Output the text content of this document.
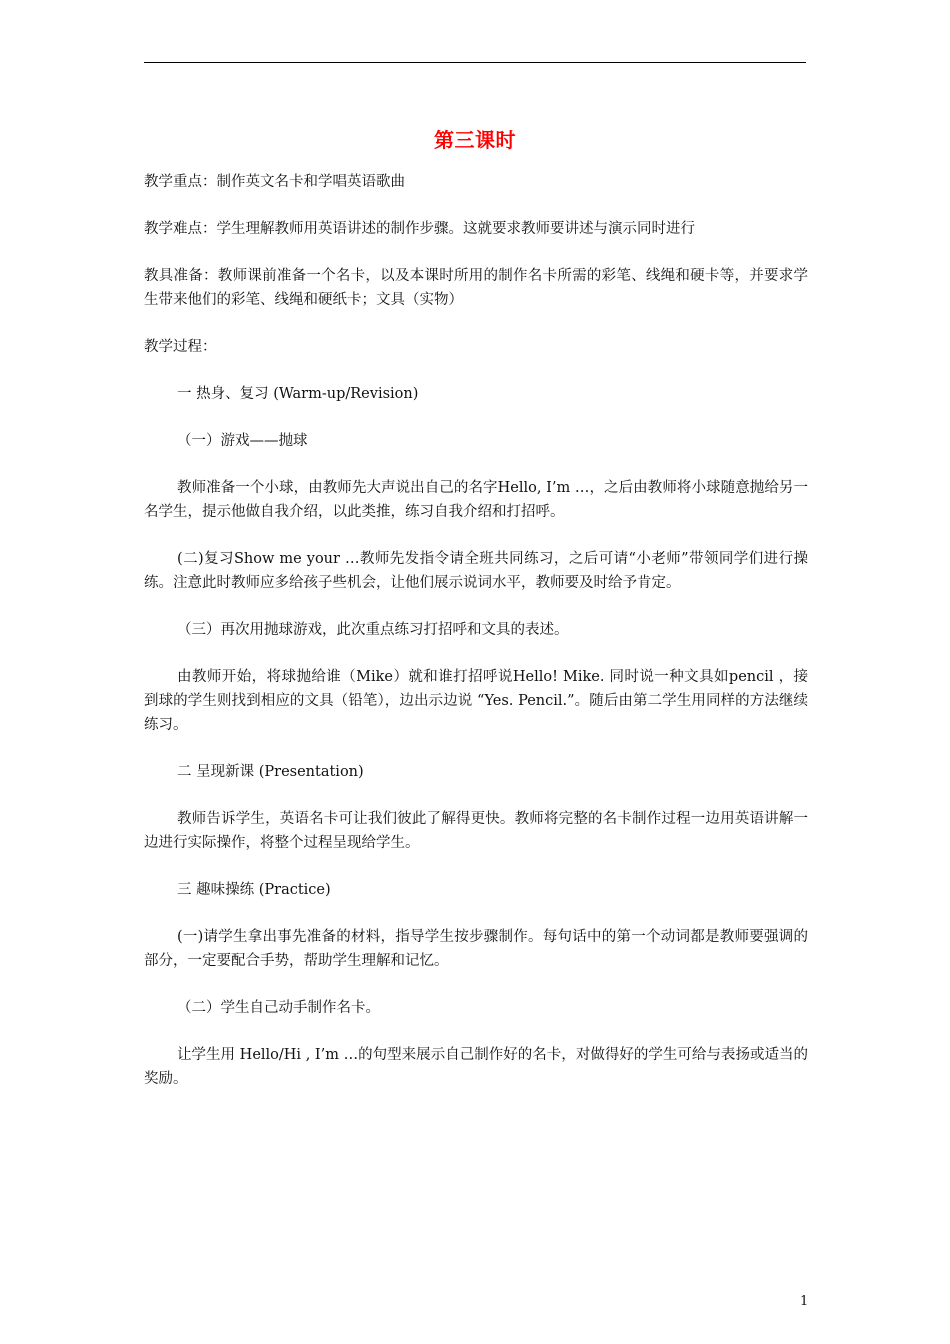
第三课时

教学重点：制作英文名卡和学唱英语歌曲

教学难点：学生理解教师用英语讲述的制作步骤。这就要求教师要讲述与演示同时进行

教具准备：教师课前准备一个名卡，以及本课时所用的制作名卡所需的彩笔、线绳和硬卡等，并要求学生带来他们的彩笔、线绳和硬纸卡；文具（实物）

教学过程：

一 热身、复习 (Warm-up/Revision)

（一）游戏——抛球

教师准备一个小球，由教师先大声说出自己的名字Hello, I’m …，之后由教师将小球随意抛给另一名学生，提示他做自我介绍，以此类推，练习自我介绍和打招呼。

(二)复习Show me your …教师先发指令请全班共同练习，之后可请“小老师”带领同学们进行操练。注意此时教师应多给孩子些机会，让他们展示说词水平，教师要及时给予肯定。

（三）再次用抛球游戏，此次重点练习打招呼和文具的表述。

由教师开始，将球抛给谁（Mike）就和谁打招呼说Hello! Mike. 同时说一种文具如pencil ，接到球的学生则找到相应的文具（铅笔），边出示边说 “Yes. Pencil.”。随后由第二学生用同样的方法继续练习。

二 呈现新课 (Presentation)

教师告诉学生，英语名卡可让我们彼此了解得更快。教师将完整的名卡制作过程一边用英语讲解一边进行实际操作，将整个过程呈现给学生。

三 趣味操练 (Practice)

(一)请学生拿出事先准备的材料，指导学生按步骤制作。每句话中的第一个动词都是教师要强调的部分，一定要配合手势，帮助学生理解和记忆。

（二）学生自己动手制作名卡。

让学生用 Hello/Hi , I’m …的句型来展示自己制作好的名卡，对做得好的学生可给与表扬或适当的奖励。

1
